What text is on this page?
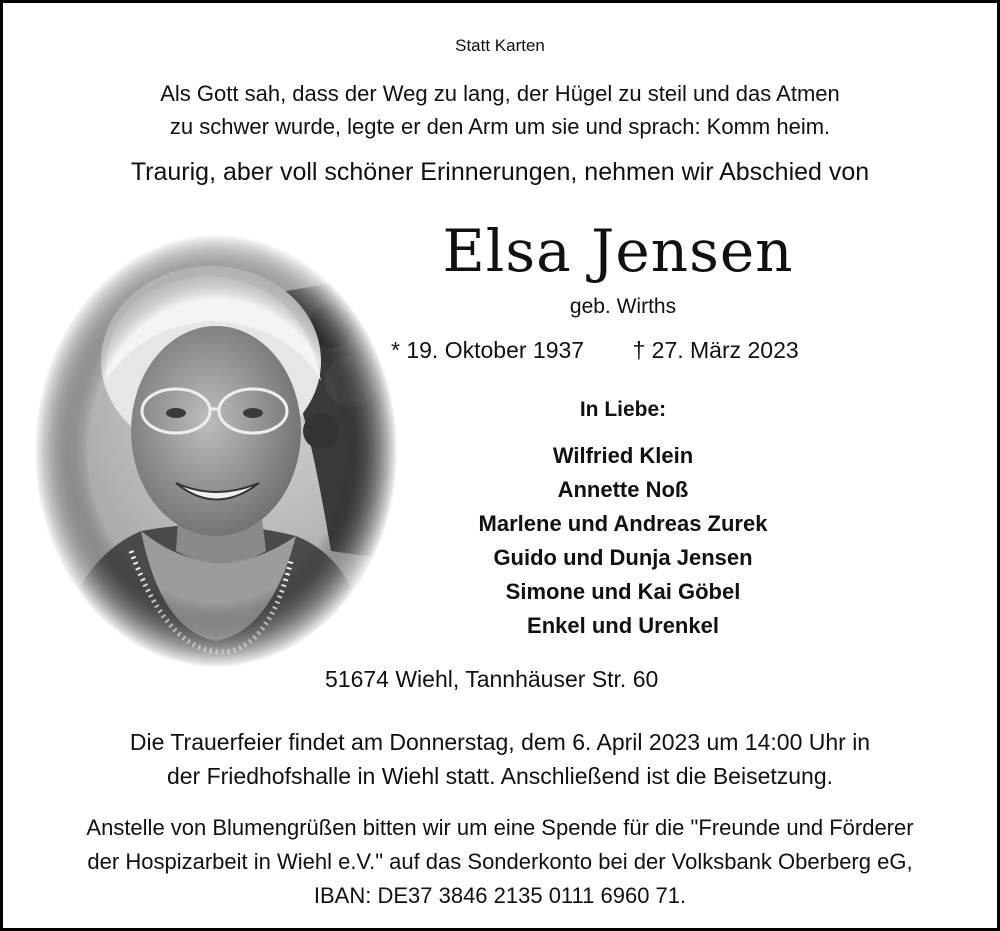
Statt Karten
Als Gott sah, dass der Weg zu lang, der Hügel zu steil und das Atmen
zu schwer wurde, legte er den Arm um sie und sprach: Komm heim.
Traurig, aber voll schöner Erinnerungen, nehmen wir Abschied von
Elsa Jensen
geb. Wirths
* 19. Oktober 1937 † 27. März 2023
In Liebe:
Wilfried Klein
Annette Noß
Marlene und Andreas Zurek
Guido und Dunja Jensen
Simone und Kai Göbel
Enkel und Urenkel
51674 Wiehl, Tannhäuser Str. 60
Die Trauerfeier findet am Donnerstag, dem 6. April 2023 um 14:00 Uhr in
der Friedhofshalle in Wiehl statt. Anschließend ist die Beisetzung.
Anstelle von Blumengrüßen bitten wir um eine Spende für die "Freunde und Förderer
der Hospizarbeit in Wiehl e.V." auf das Sonderkonto bei der Volksbank Oberberg eG,
IBAN: DE37 3846 2135 0111 6960 71.
